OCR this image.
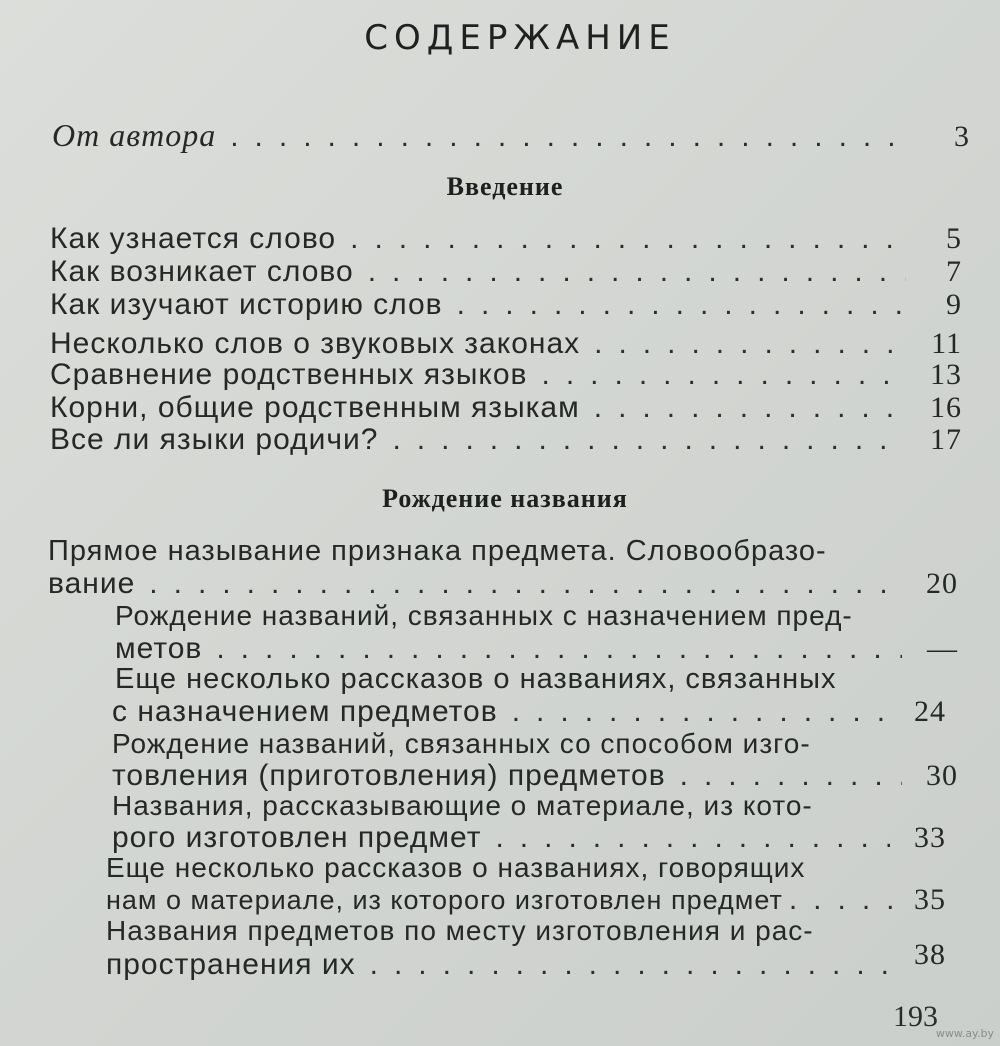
СОДЕРЖАНИЕ
От автора .....	3
Введение
Как узнается слово .....	5
Как возникает слово .....	7
Как изучают историю слов .....	9
Несколько слов о звуковых законах .....	11
Сравнение родственных языков .....	13
Корни, общие родственным языкам .....	16
Все ли языки родичи? .....	17
Рождение названия
Прямое называние признака предмета. Словообразо-
вание .....	20
Рождение названий, связанных с назначением пред-
метов .....	—
Еще несколько рассказов о названиях, связанных
с назначением предметов .....	24
Рождение названий, связанных со способом изго-
товления (приготовления) предметов .....	30
Названия, рассказывающие о материале, из кото-
рого изготовлен предмет .....	33
Еще несколько рассказов о названиях, говорящих
нам о материале, из которого изготовлен предмет .....	35
Названия предметов по месту изготовления и рас-
пространения их .....	38
193
www.ay.by
